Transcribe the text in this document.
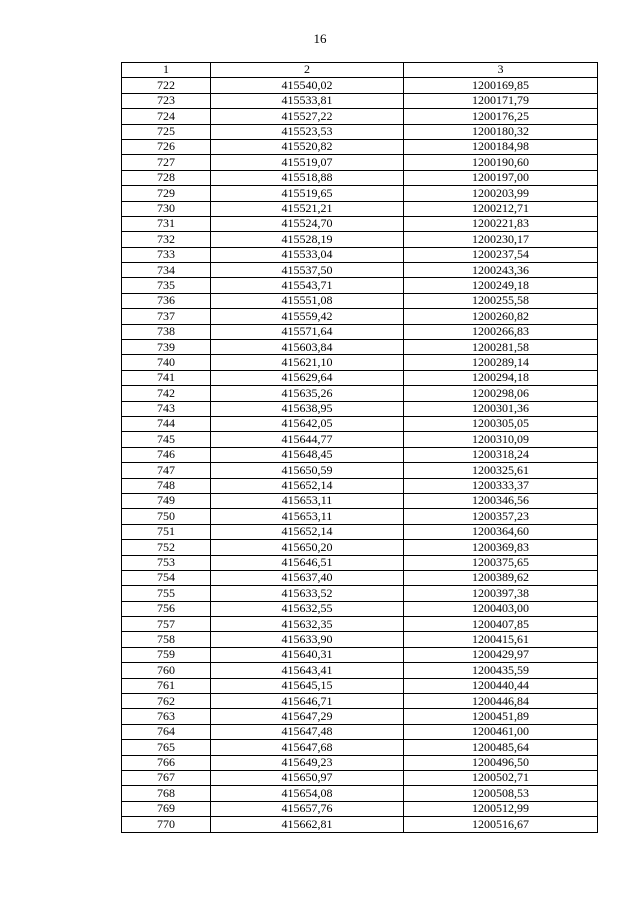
16
1	2	3
722	415540,02	1200169,85
723	415533,81	1200171,79
724	415527,22	1200176,25
725	415523,53	1200180,32
726	415520,82	1200184,98
727	415519,07	1200190,60
728	415518,88	1200197,00
729	415519,65	1200203,99
730	415521,21	1200212,71
731	415524,70	1200221,83
732	415528,19	1200230,17
733	415533,04	1200237,54
734	415537,50	1200243,36
735	415543,71	1200249,18
736	415551,08	1200255,58
737	415559,42	1200260,82
738	415571,64	1200266,83
739	415603,84	1200281,58
740	415621,10	1200289,14
741	415629,64	1200294,18
742	415635,26	1200298,06
743	415638,95	1200301,36
744	415642,05	1200305,05
745	415644,77	1200310,09
746	415648,45	1200318,24
747	415650,59	1200325,61
748	415652,14	1200333,37
749	415653,11	1200346,56
750	415653,11	1200357,23
751	415652,14	1200364,60
752	415650,20	1200369,83
753	415646,51	1200375,65
754	415637,40	1200389,62
755	415633,52	1200397,38
756	415632,55	1200403,00
757	415632,35	1200407,85
758	415633,90	1200415,61
759	415640,31	1200429,97
760	415643,41	1200435,59
761	415645,15	1200440,44
762	415646,71	1200446,84
763	415647,29	1200451,89
764	415647,48	1200461,00
765	415647,68	1200485,64
766	415649,23	1200496,50
767	415650,97	1200502,71
768	415654,08	1200508,53
769	415657,76	1200512,99
770	415662,81	1200516,67
